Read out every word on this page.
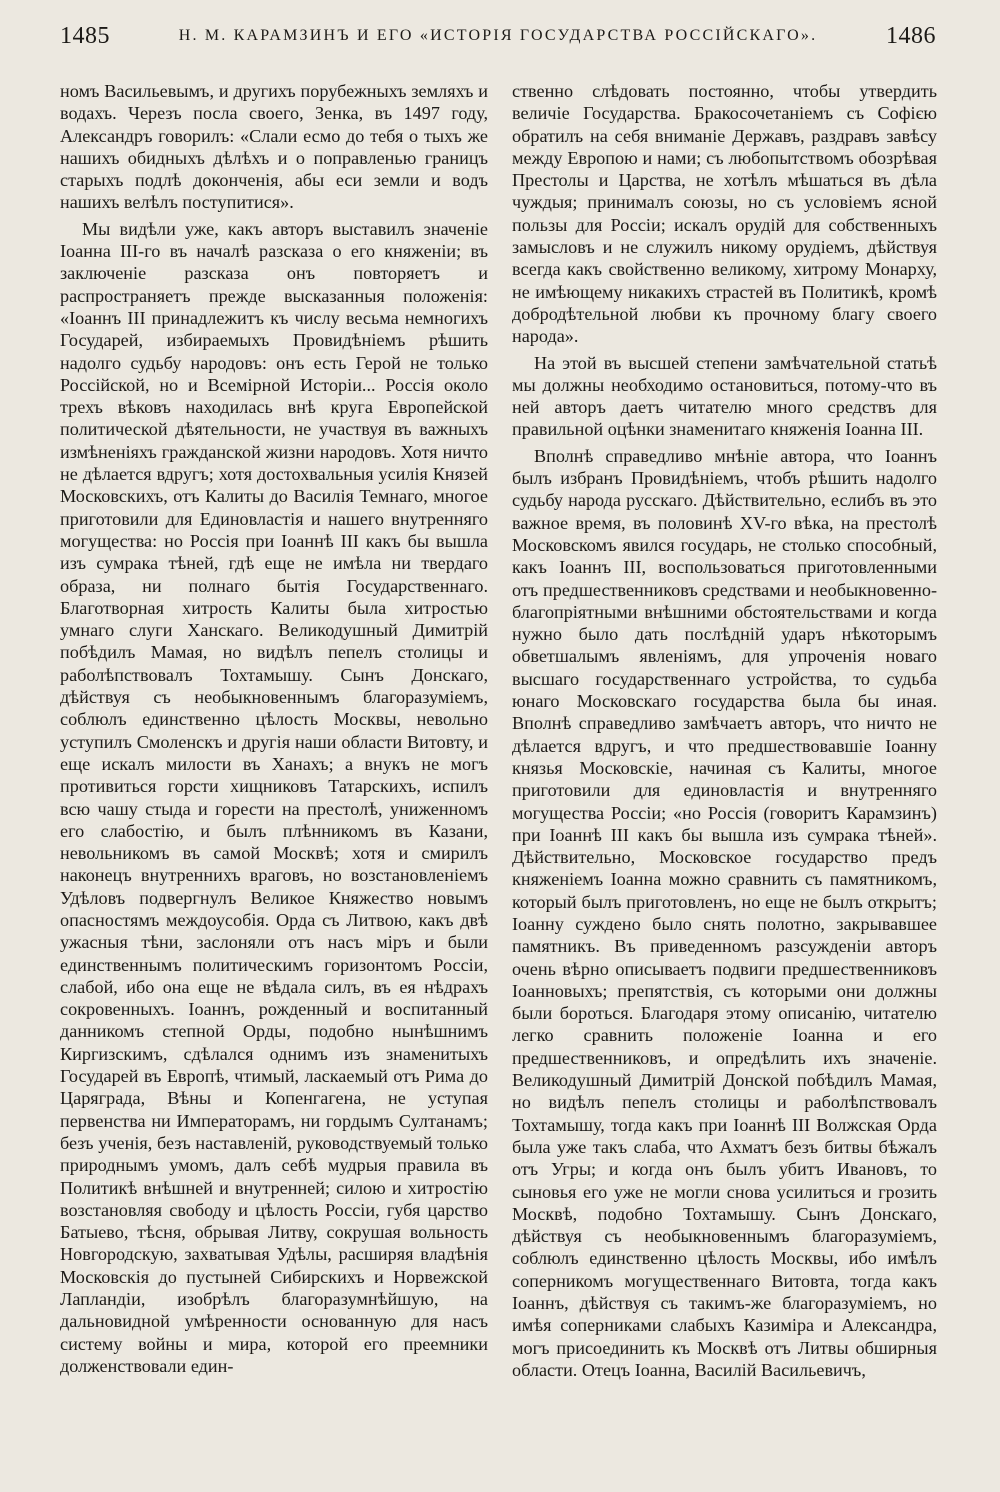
1485	Н. М. КАРАМЗИНЪ И ЕГО «ИСТОРІЯ ГОСУДАРСТВА РОССІЙСКАГО».	1486

номъ Васильевымъ, и другихъ порубежныхъ земляхъ и водахъ. Черезъ посла своего, Зенка, въ 1497 году, Александръ говорилъ: «Слали есмо до тебя о тыхъ же нашихъ обидныхъ дѣлѣхъ и о поправленью границъ старыхъ подлѣ доконченія, абы еси земли и водъ нашихъ велѣлъ поступитися».

Мы видѣли уже, какъ авторъ выставилъ значеніе Іоанна III-го въ началѣ разсказа о его княженіи; въ заключеніе разсказа онъ повторяетъ и распространяетъ прежде высказанныя положенія: «Іоаннъ III принадлежитъ къ числу весьма немногихъ Государей, избираемыхъ Провидѣніемъ рѣшить надолго судьбу народовъ: онъ есть Герой не только Россійской, но и Всемірной Исторіи... Россія около трехъ вѣковъ находилась внѣ круга Европейской политической дѣятельности, не участвуя въ важныхъ измѣненіяхъ гражданской жизни народовъ. Хотя ничто не дѣлается вдругъ; хотя достохвальныя усилія Князей Московскихъ, отъ Калиты до Василія Темнаго, многое приготовили для Единовластія и нашего внутренняго могущества: но Россія при Іоаннѣ III какъ бы вышла изъ сумрака тѣней, гдѣ еще не имѣла ни твердаго образа, ни полнаго бытія Государственнаго. Благотворная хитрость Калиты была хитростью умнаго слуги Ханскаго. Великодушный Димитрій побѣдилъ Мамая, но видѣлъ пепелъ столицы и раболѣпствовалъ Тохтамышу. Сынъ Донскаго, дѣйствуя съ необыкновеннымъ благоразуміемъ, соблюлъ единственно цѣлость Москвы, невольно уступилъ Смоленскъ и другія наши области Витовту, и еще искалъ милости въ Ханахъ; а внукъ не могъ противиться горсти хищниковъ Татарскихъ, испилъ всю чашу стыда и горести на престолѣ, униженномъ его слабостію, и былъ плѣнникомъ въ Казани, невольникомъ въ самой Москвѣ; хотя и смирилъ наконецъ внутреннихъ враговъ, но возстановленіемъ Удѣловъ подвергнулъ Великое Княжество новымъ опасностямъ междоусобія. Орда съ Литвою, какъ двѣ ужасныя тѣни, заслоняли отъ насъ міръ и были единственнымъ политическимъ горизонтомъ Россіи, слабой, ибо она еще не вѣдала силъ, въ ея нѣдрахъ сокровенныхъ. Іоаннъ, рожденный и воспитанный данникомъ степной Орды, подобно нынѣшнимъ Киргизскимъ, сдѣлался однимъ изъ знаменитыхъ Государей въ Европѣ, чтимый, ласкаемый отъ Рима до Царяграда, Вѣны и Копенгагена, не уступая первенства ни Императорамъ, ни гордымъ Султанамъ; безъ ученія, безъ наставленій, руководствуемый только природнымъ умомъ, далъ себѣ мудрыя правила въ Политикѣ внѣшней и внутренней; силою и хитростію возстановляя свободу и цѣлость Россіи, губя царство Батыево, тѣсня, обрывая Литву, сокрушая вольность Новгородскую, захватывая Удѣлы, расширяя владѣнія Московскія до пустыней Сибирскихъ и Норвежской Лапландіи, изобрѣлъ благоразумнѣйшую, на дальновидной умѣренности основанную для насъ систему войны и мира, которой его преемники долженствовали един-

ственно слѣдовать постоянно, чтобы утвердить величіе Государства. Бракосочетаніемъ съ Софією обратилъ на себя вниманіе Державъ, раздравъ завѣсу между Европою и нами; съ любопытствомъ обозрѣвая Престолы и Царства, не хотѣлъ мѣшаться въ дѣла чуждыя; принималъ союзы, но съ условіемъ ясной пользы для Россіи; искалъ орудій для собственныхъ замысловъ и не служилъ никому орудіемъ, дѣйствуя всегда какъ свойственно великому, хитрому Монарху, не имѣющему никакихъ страстей въ Политикѣ, кромѣ добродѣтельной любви къ прочному благу своего народа».

На этой въ высшей степени замѣчательной статьѣ мы должны необходимо остановиться, потому-что въ ней авторъ даетъ читателю много средствъ для правильной оцѣнки знаменитаго княженія Іоанна III.

Вполнѣ справедливо мнѣніе автора, что Іоаннъ былъ избранъ Провидѣніемъ, чтобъ рѣшить надолго судьбу народа русскаго. Дѣйствительно, еслибъ въ это важное время, въ половинѣ XV-го вѣка, на престолѣ Московскомъ явился государь, не столько способный, какъ Іоаннъ III, воспользоваться приготовленными отъ предшественниковъ средствами и необыкновенно-благопріятными внѣшними обстоятельствами и когда нужно было дать послѣдній ударъ нѣкоторымъ обветшалымъ явленіямъ, для упроченія новаго высшаго государственнаго устройства, то судьба юнаго Московскаго государства была бы иная. Вполнѣ справедливо замѣчаетъ авторъ, что ничто не дѣлается вдругъ, и что предшествовавшіе Іоанну князья Московскіе, начиная съ Калиты, многое приготовили для единовластія и внутренняго могущества Россіи; «но Россія (говоритъ Карамзинъ) при Іоаннѣ III какъ бы вышла изъ сумрака тѣней». Дѣйствительно, Московское государство предъ княженіемъ Іоанна можно сравнить съ памятникомъ, который былъ приготовленъ, но еще не былъ открытъ; Іоанну суждено было снять полотно, закрывавшее памятникъ. Въ приведенномъ разсужденіи авторъ очень вѣрно описываетъ подвиги предшественниковъ Іоанновыхъ; препятствія, съ которыми они должны были бороться. Благодаря этому описанію, читателю легко сравнить положеніе Іоанна и его предшественниковъ, и опредѣлить ихъ значеніе. Великодушный Димитрій Донской побѣдилъ Мамая, но видѣлъ пепелъ столицы и раболѣпствовалъ Тохтамышу, тогда какъ при Іоаннѣ III Волжская Орда была уже такъ слаба, что Ахматъ безъ битвы бѣжалъ отъ Угры; и когда онъ былъ убитъ Ивановъ, то сыновья его уже не могли снова усилиться и грозить Москвѣ, подобно Тохтамышу. Сынъ Донскаго, дѣйствуя съ необыкновеннымъ благоразуміемъ, соблюлъ единственно цѣлость Москвы, ибо имѣлъ соперникомъ могущественнаго Витовта, тогда какъ Іоаннъ, дѣйствуя съ такимъ-же благоразуміемъ, но имѣя соперниками слабыхъ Казиміра и Александра, могъ присоединить къ Москвѣ отъ Литвы обширныя области. Отецъ Іоанна, Василій Васильевичъ,
